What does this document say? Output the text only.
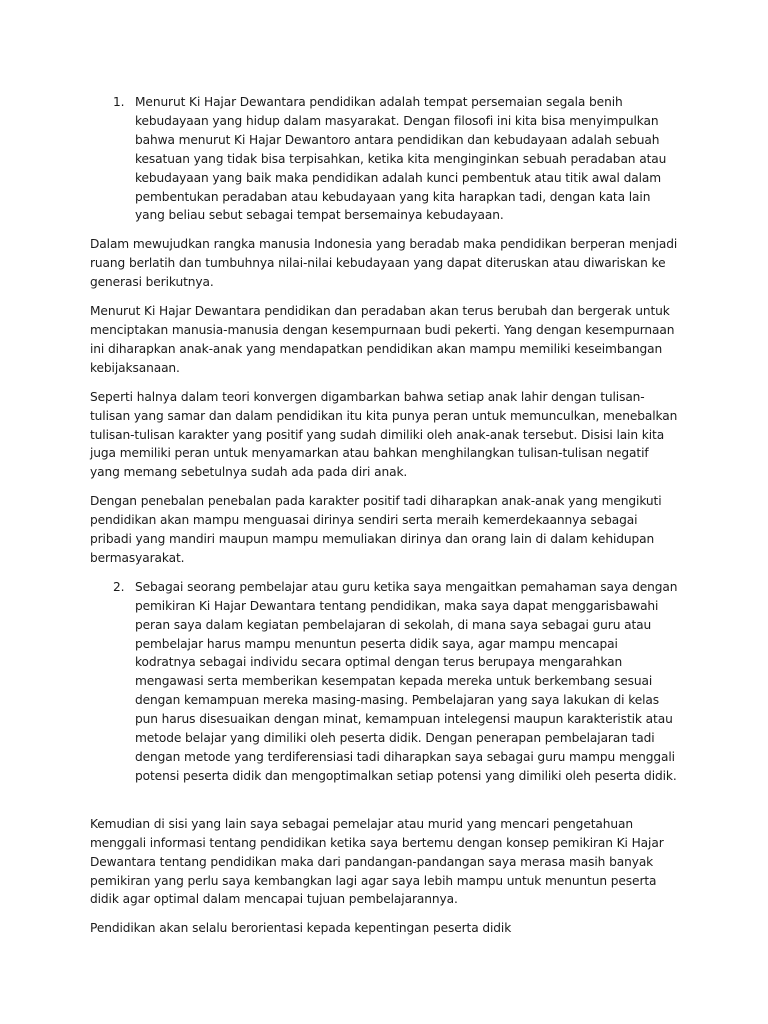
1. Menurut Ki Hajar Dewantara pendidikan adalah tempat persemaian segala benih kebudayaan yang hidup dalam masyarakat. Dengan filosofi ini kita bisa menyimpulkan bahwa menurut Ki Hajar Dewantoro antara pendidikan dan kebudayaan adalah sebuah kesatuan yang tidak bisa terpisahkan, ketika kita menginginkan sebuah peradaban atau kebudayaan yang baik maka pendidikan adalah kunci pembentuk atau titik awal dalam pembentukan peradaban atau kebudayaan yang kita harapkan tadi, dengan kata lain yang beliau sebut sebagai tempat bersemainya kebudayaan.

Dalam mewujudkan rangka manusia Indonesia yang beradab maka pendidikan berperan menjadi ruang berlatih dan tumbuhnya nilai-nilai kebudayaan yang dapat diteruskan atau diwariskan ke generasi berikutnya.

Menurut Ki Hajar Dewantara pendidikan dan peradaban akan terus berubah dan bergerak untuk menciptakan manusia-manusia dengan kesempurnaan budi pekerti. Yang dengan kesempurnaan ini diharapkan anak-anak yang mendapatkan pendidikan akan mampu memiliki keseimbangan kebijaksanaan.

Seperti halnya dalam teori konvergen digambarkan bahwa setiap anak lahir dengan tulisan-tulisan yang samar dan dalam pendidikan itu kita punya peran untuk memunculkan, menebalkan tulisan-tulisan karakter yang positif yang sudah dimiliki oleh anak-anak tersebut. Disisi lain kita juga memiliki peran untuk menyamarkan atau bahkan menghilangkan tulisan-tulisan negatif yang memang sebetulnya sudah ada pada diri anak.

Dengan penebalan penebalan pada karakter positif tadi diharapkan anak-anak yang mengikuti pendidikan akan mampu menguasai dirinya sendiri serta meraih kemerdekaannya sebagai pribadi yang mandiri maupun mampu memuliakan dirinya dan orang lain di dalam kehidupan bermasyarakat.

2. Sebagai seorang pembelajar atau guru ketika saya mengaitkan pemahaman saya dengan pemikiran Ki Hajar Dewantara tentang pendidikan, maka saya dapat menggarisbawahi peran saya dalam kegiatan pembelajaran di sekolah, di mana saya sebagai guru atau pembelajar harus mampu menuntun peserta didik saya, agar mampu mencapai kodratnya sebagai individu secara optimal dengan terus berupaya mengarahkan mengawasi serta memberikan kesempatan kepada mereka untuk berkembang sesuai dengan kemampuan mereka masing-masing. Pembelajaran yang saya lakukan di kelas pun harus disesuaikan dengan minat, kemampuan intelegensi maupun karakteristik atau metode belajar yang dimiliki oleh peserta didik. Dengan penerapan pembelajaran tadi dengan metode yang terdiferensiasi tadi diharapkan saya sebagai guru mampu menggali potensi peserta didik dan mengoptimalkan setiap potensi yang dimiliki oleh peserta didik.

Kemudian di sisi yang lain saya sebagai pemelajar atau murid yang mencari pengetahuan menggali informasi tentang pendidikan ketika saya bertemu dengan konsep pemikiran Ki Hajar Dewantara tentang pendidikan maka dari pandangan-pandangan saya merasa masih banyak pemikiran yang perlu saya kembangkan lagi agar saya lebih mampu untuk menuntun peserta didik agar optimal dalam mencapai tujuan pembelajarannya.

Pendidikan akan selalu berorientasi kepada kepentingan peserta didik
